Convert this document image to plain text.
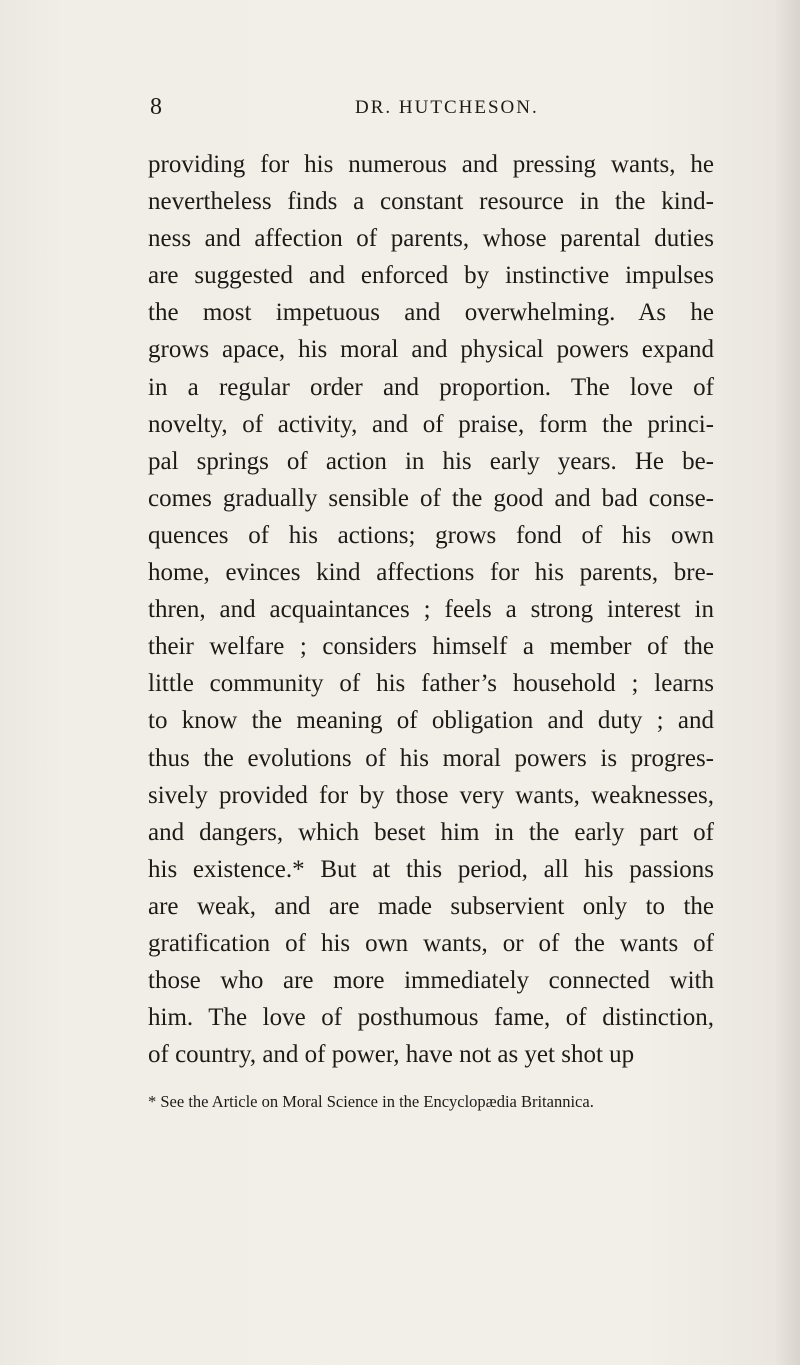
8	DR. HUTCHESON.
providing for his numerous and pressing wants, he
nevertheless finds a constant resource in the kind-
ness and affection of parents, whose parental duties
are suggested and enforced by instinctive impulses
the most impetuous and overwhelming. As he
grows apace, his moral and physical powers expand
in a regular order and proportion. The love of
novelty, of activity, and of praise, form the princi-
pal springs of action in his early years. He be-
comes gradually sensible of the good and bad conse-
quences of his actions; grows fond of his own
home, evinces kind affections for his parents, bre-
thren, and acquaintances ; feels a strong interest in
their welfare ; considers himself a member of the
little community of his father’s household ; learns
to know the meaning of obligation and duty ; and
thus the evolutions of his moral powers is progres-
sively provided for by those very wants, weaknesses,
and dangers, which beset him in the early part of
his existence.* But at this period, all his passions
are weak, and are made subservient only to the
gratification of his own wants, or of the wants of
those who are more immediately connected with
him. The love of posthumous fame, of distinction,
of country, and of power, have not as yet shot up
* See the Article on Moral Science in the Encyclopædia Britannica.
